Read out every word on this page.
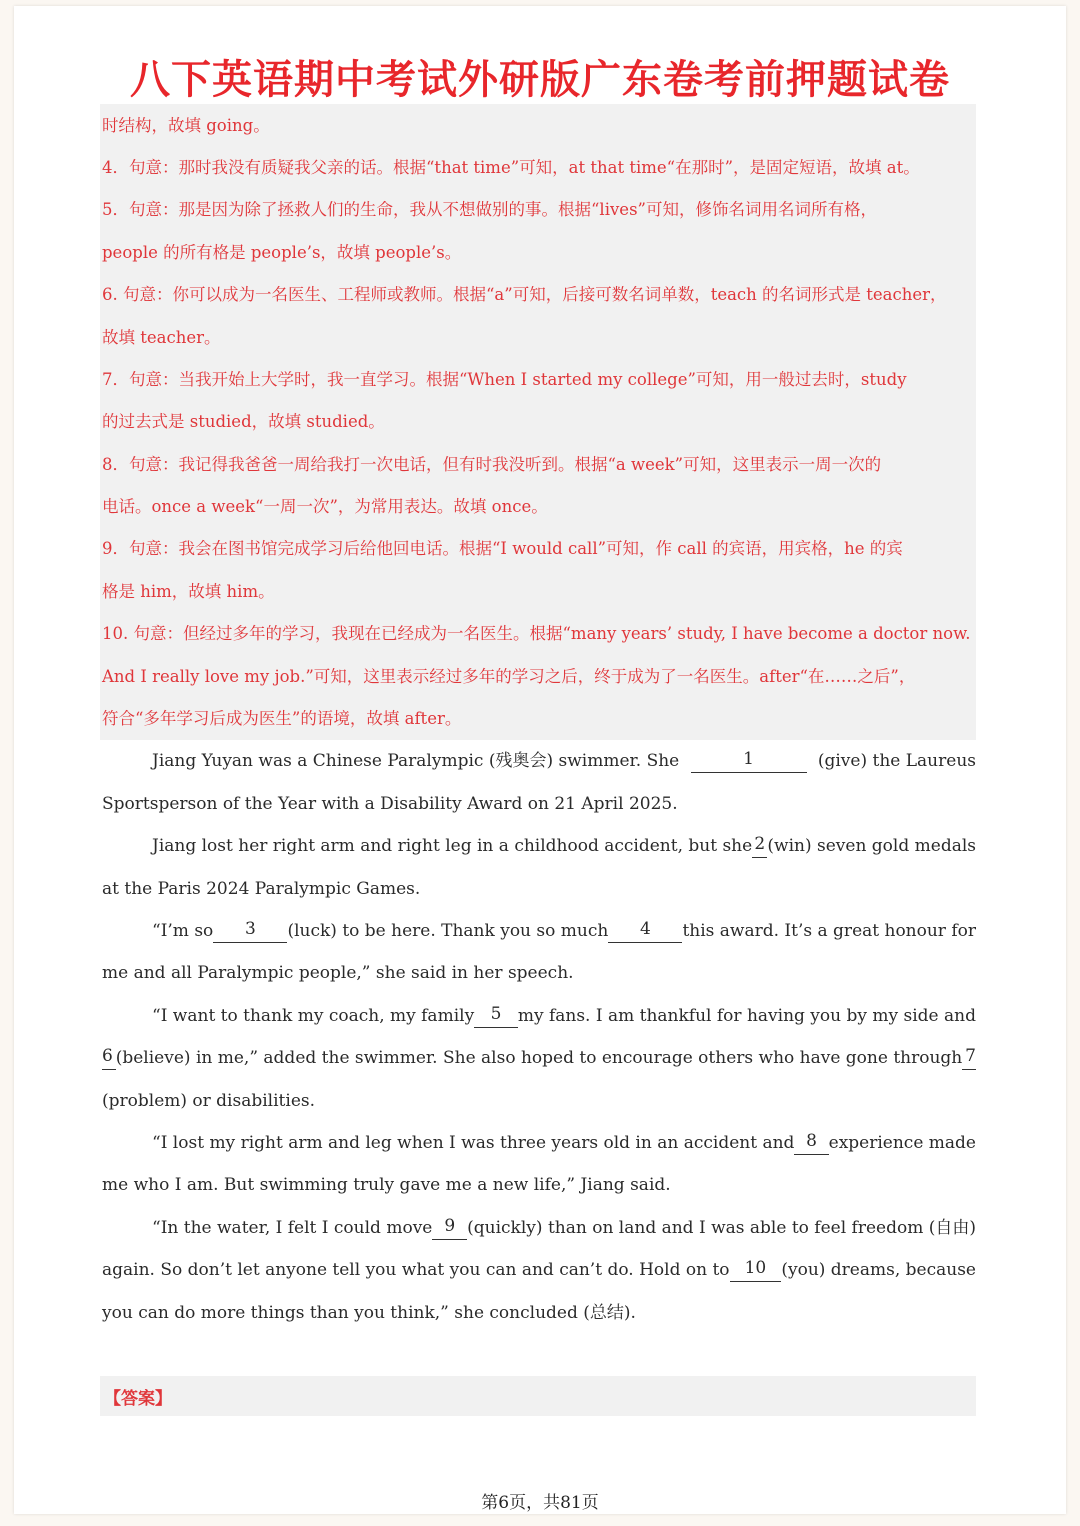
八下英语期中考试外研版广东卷考前押题试卷
时结构，故填 going。
4．句意：那时我没有质疑我父亲的话。根据“that time”可知，at that time“在那时”，是固定短语，故填 at。
5．句意：那是因为除了拯救人们的生命，我从不想做别的事。根据“lives”可知，修饰名词用名词所有格，
people 的所有格是 people’s，故填 people’s。
6. 句意：你可以成为一名医生、工程师或教师。根据“a”可知，后接可数名词单数，teach 的名词形式是 teacher，
故填 teacher。
7．句意：当我开始上大学时，我一直学习。根据“When I started my college”可知，用一般过去时，study
的过去式是 studied，故填 studied。
8．句意：我记得我爸爸一周给我打一次电话，但有时我没听到。根据“a week”可知，这里表示一周一次的
电话。once a week“一周一次”，为常用表达。故填 once。
9．句意：我会在图书馆完成学习后给他回电话。根据“I would call”可知，作 call 的宾语，用宾格，he 的宾
格是 him，故填 him。
10. 句意：但经过多年的学习，我现在已经成为一名医生。根据“many years’ study, I have become a doctor now.
And I really love my job.”可知，这里表示经过多年的学习之后，终于成为了一名医生。after“在……之后”，
符合“多年学习后成为医生”的语境，故填 after。
Jiang Yuyan was a Chinese Paralympic (残奥会) swimmer. She	1	(give) the Laureus
Sportsperson of the Year with a Disability Award on 21 April 2025.
Jiang lost her right arm and right leg in a childhood accident, but she 2 (win) seven gold medals
at the Paris 2024 Paralympic Games.
“I’m so	3	(luck) to be here. Thank you so much	4	this award. It’s a great honour for
me and all Paralympic people,” she said in her speech.
“I want to thank my coach, my family 5 my fans. I am thankful for having you by my side and
6 (believe) in me,” added the swimmer. She also hoped to encourage others who have gone through 7
(problem) or disabilities.
“I lost my right arm and leg when I was three years old in an accident and 8 experience made
me who I am. But swimming truly gave me a new life,” Jiang said.
“In the water, I felt I could move 9 (quickly) than on land and I was able to feel freedom (自由)
again. So don’t let anyone tell you what you can and can’t do. Hold on to 10 (you) dreams, because
you can do more things than you think,” she concluded (总结).
【答案】
第6页，共81页
